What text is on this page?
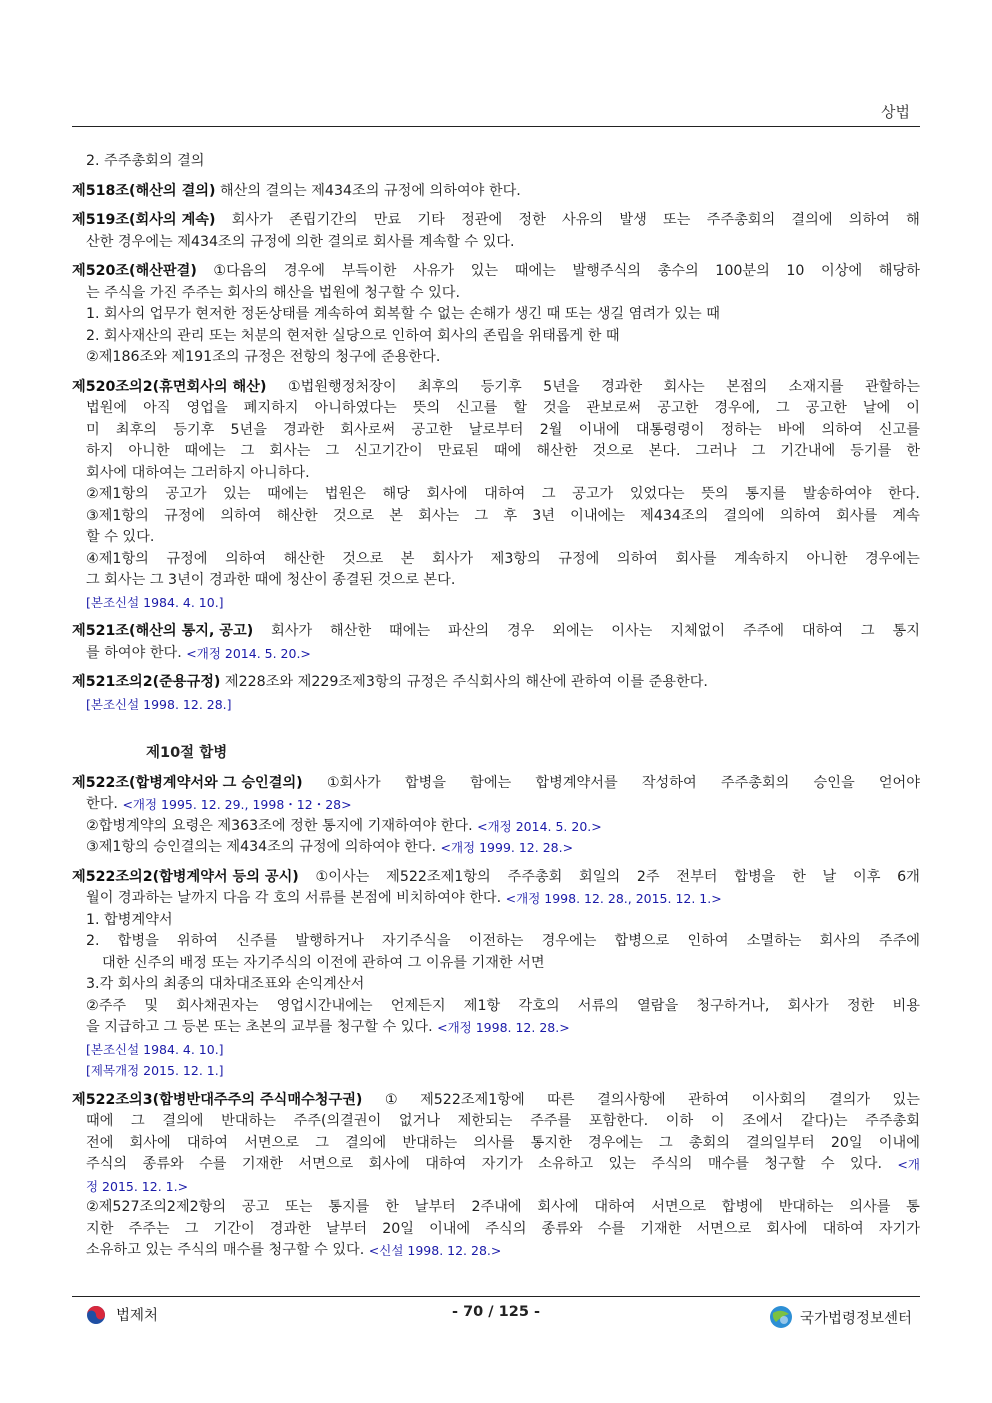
상법
2. 주주총회의 결의
제518조(해산의 결의) 해산의 결의는 제434조의 규정에 의하여야 한다.
제519조(회사의 계속) 회사가 존립기간의 만료 기타 정관에 정한 사유의 발생 또는 주주총회의 결의에 의하여 해
산한 경우에는 제434조의 규정에 의한 결의로 회사를 계속할 수 있다.
제520조(해산판결) ①다음의 경우에 부득이한 사유가 있는 때에는 발행주식의 총수의 100분의 10 이상에 해당하
는 주식을 가진 주주는 회사의 해산을 법원에 청구할 수 있다.
1. 회사의 업무가 현저한 정돈상태를 계속하여 회복할 수 없는 손해가 생긴 때 또는 생길 염려가 있는 때
2. 회사재산의 관리 또는 처분의 현저한 실당으로 인하여 회사의 존립을 위태롭게 한 때
②제186조와 제191조의 규정은 전항의 청구에 준용한다.
제520조의2(휴면회사의 해산) ①법원행정처장이 최후의 등기후 5년을 경과한 회사는 본점의 소재지를 관할하는
법원에 아직 영업을 폐지하지 아니하였다는 뜻의 신고를 할 것을 관보로써 공고한 경우에, 그 공고한 날에 이
미 최후의 등기후 5년을 경과한 회사로써 공고한 날로부터 2월 이내에 대통령령이 정하는 바에 의하여 신고를
하지 아니한 때에는 그 회사는 그 신고기간이 만료된 때에 해산한 것으로 본다. 그러나 그 기간내에 등기를 한
회사에 대하여는 그러하지 아니하다.
②제1항의 공고가 있는 때에는 법원은 해당 회사에 대하여 그 공고가 있었다는 뜻의 통지를 발송하여야 한다.
③제1항의 규정에 의하여 해산한 것으로 본 회사는 그 후 3년 이내에는 제434조의 결의에 의하여 회사를 계속
할 수 있다.
④제1항의 규정에 의하여 해산한 것으로 본 회사가 제3항의 규정에 의하여 회사를 계속하지 아니한 경우에는
그 회사는 그 3년이 경과한 때에 청산이 종결된 것으로 본다.
[본조신설 1984. 4. 10.]
제521조(해산의 통지, 공고) 회사가 해산한 때에는 파산의 경우 외에는 이사는 지체없이 주주에 대하여 그 통지
를 하여야 한다. <개정 2014. 5. 20.>
제521조의2(준용규정) 제228조와 제229조제3항의 규정은 주식회사의 해산에 관하여 이를 준용한다.
[본조신설 1998. 12. 28.]
제10절 합병
제522조(합병계약서와 그 승인결의) ①회사가 합병을 함에는 합병계약서를 작성하여 주주총회의 승인을 얻어야
한다. <개정 1995. 12. 29., 1998・12・28>
②합병계약의 요령은 제363조에 정한 통지에 기재하여야 한다. <개정 2014. 5. 20.>
③제1항의 승인결의는 제434조의 규정에 의하여야 한다. <개정 1999. 12. 28.>
제522조의2(합병계약서 등의 공시) ①이사는 제522조제1항의 주주총회 회일의 2주 전부터 합병을 한 날 이후 6개
월이 경과하는 날까지 다음 각 호의 서류를 본점에 비치하여야 한다. <개정 1998. 12. 28., 2015. 12. 1.>
1. 합병계약서
2. 합병을 위하여 신주를 발행하거나 자기주식을 이전하는 경우에는 합병으로 인하여 소멸하는 회사의 주주에
대한 신주의 배정 또는 자기주식의 이전에 관하여 그 이유를 기재한 서면
3.각 회사의 최종의 대차대조표와 손익계산서
②주주 및 회사채권자는 영업시간내에는 언제든지 제1항 각호의 서류의 열람을 청구하거나, 회사가 정한 비용
을 지급하고 그 등본 또는 초본의 교부를 청구할 수 있다. <개정 1998. 12. 28.>
[본조신설 1984. 4. 10.]
[제목개정 2015. 12. 1.]
제522조의3(합병반대주주의 주식매수청구권) ① 제522조제1항에 따른 결의사항에 관하여 이사회의 결의가 있는
때에 그 결의에 반대하는 주주(의결권이 없거나 제한되는 주주를 포함한다. 이하 이 조에서 같다)는 주주총회
전에 회사에 대하여 서면으로 그 결의에 반대하는 의사를 통지한 경우에는 그 총회의 결의일부터 20일 이내에
주식의 종류와 수를 기재한 서면으로 회사에 대하여 자기가 소유하고 있는 주식의 매수를 청구할 수 있다. <개
정 2015. 12. 1.>
②제527조의2제2항의 공고 또는 통지를 한 날부터 2주내에 회사에 대하여 서면으로 합병에 반대하는 의사를 통
지한 주주는 그 기간이 경과한 날부터 20일 이내에 주식의 종류와 수를 기재한 서면으로 회사에 대하여 자기가
소유하고 있는 주식의 매수를 청구할 수 있다. <신설 1998. 12. 28.>
법제처	- 70 / 125 -	국가법령정보센터
